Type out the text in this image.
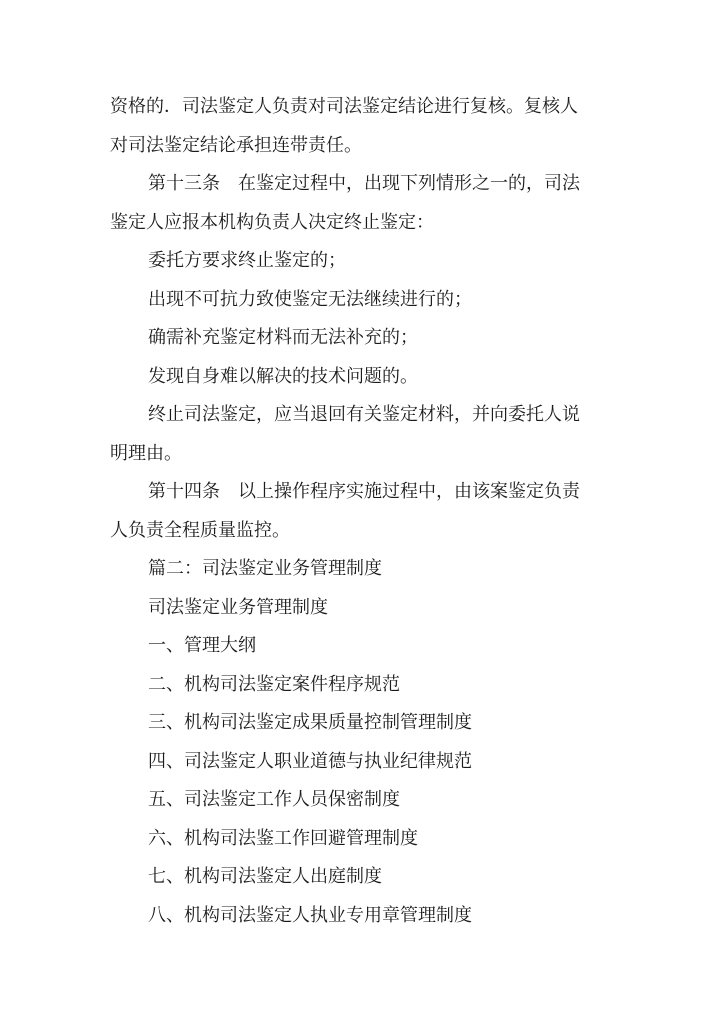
资格的．司法鉴定人负责对司法鉴定结论进行复核。复核人
对司法鉴定结论承担连带责任。
第十三条　在鉴定过程中，出现下列情形之一的，司法
鉴定人应报本机构负责人决定终止鉴定：
委托方要求终止鉴定的；
出现不可抗力致使鉴定无法继续进行的；
确需补充鉴定材料而无法补充的；
发现自身难以解决的技术问题的。
终止司法鉴定，应当退回有关鉴定材料，并向委托人说
明理由。
第十四条　以上操作程序实施过程中，由该案鉴定负责
人负责全程质量监控。
篇二：司法鉴定业务管理制度
司法鉴定业务管理制度
一、管理大纲
二、机构司法鉴定案件程序规范
三、机构司法鉴定成果质量控制管理制度
四、司法鉴定人职业道德与执业纪律规范
五、司法鉴定工作人员保密制度
六、机构司法鉴工作回避管理制度
七、机构司法鉴定人出庭制度
八、机构司法鉴定人执业专用章管理制度
